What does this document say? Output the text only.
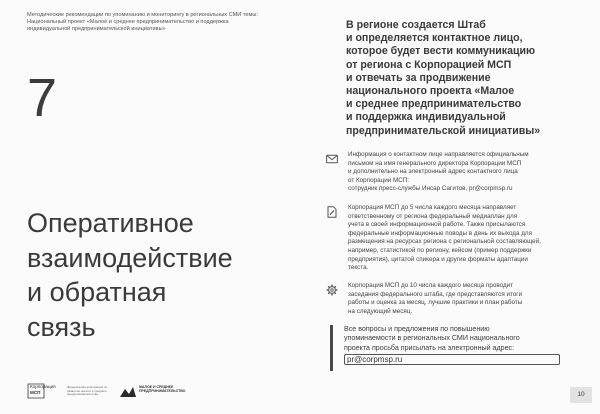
Методические рекомендации по упоминанию и мониторингу в региональных СМИ темы:
Национальный проект «Малое и среднее предпринимательство и поддержка
индивидуальной предпринимательской инициативы»
7
Оперативное
взаимодействие
и обратная
связь
В регионе создается Штаб
и определяется контактное лицо,
которое будет вести коммуникацию
от региона с Корпорацией МСП
и отвечать за продвижение
национального проекта «Малое
и среднее предпринимательство
и поддержка индивидуальной
предпринимательской инициативы»
Информация о контактном лице направляется официальным
письмом на имя генерального директора Корпорации МСП
и дополнительно на электронный адрес контактного лица
от Корпорации МСП:
сотрудник пресс-службы Инсар Сагитов, pr@corpmsp.ru
Корпорация МСП до 5 числа каждого месяца направляет
ответственному от региона федеральный медиаплан для
учета в своей информационной работе. Также присылаются
федеральные информационные поводы в день их выхода для
размещения на ресурсах региона с региональной составляющей,
например, статистикой по региону, кейсом (пример поддержки
предприятия), цитатой спикера и другие форматы адаптации
текста.
Корпорация МСП до 10 числа каждого месяца проводит
заседания федерального штаба, где представляются итоги
работы и оценка за месяц, лучшие практики и план работы
на следующий месяц.
Все вопросы и предложения по повышению
упоминаемости в региональных СМИ национального
проекта просьба присылать на электронный адрес:
pr@corpmsp.ru
Корпорация
МСП
Федеральная корпорация по развитию малого и среднего предпринимательства
МАЛОЕ И СРЕДНЕЕ
ПРЕДПРИНИМАТЕЛЬСТВО	10
